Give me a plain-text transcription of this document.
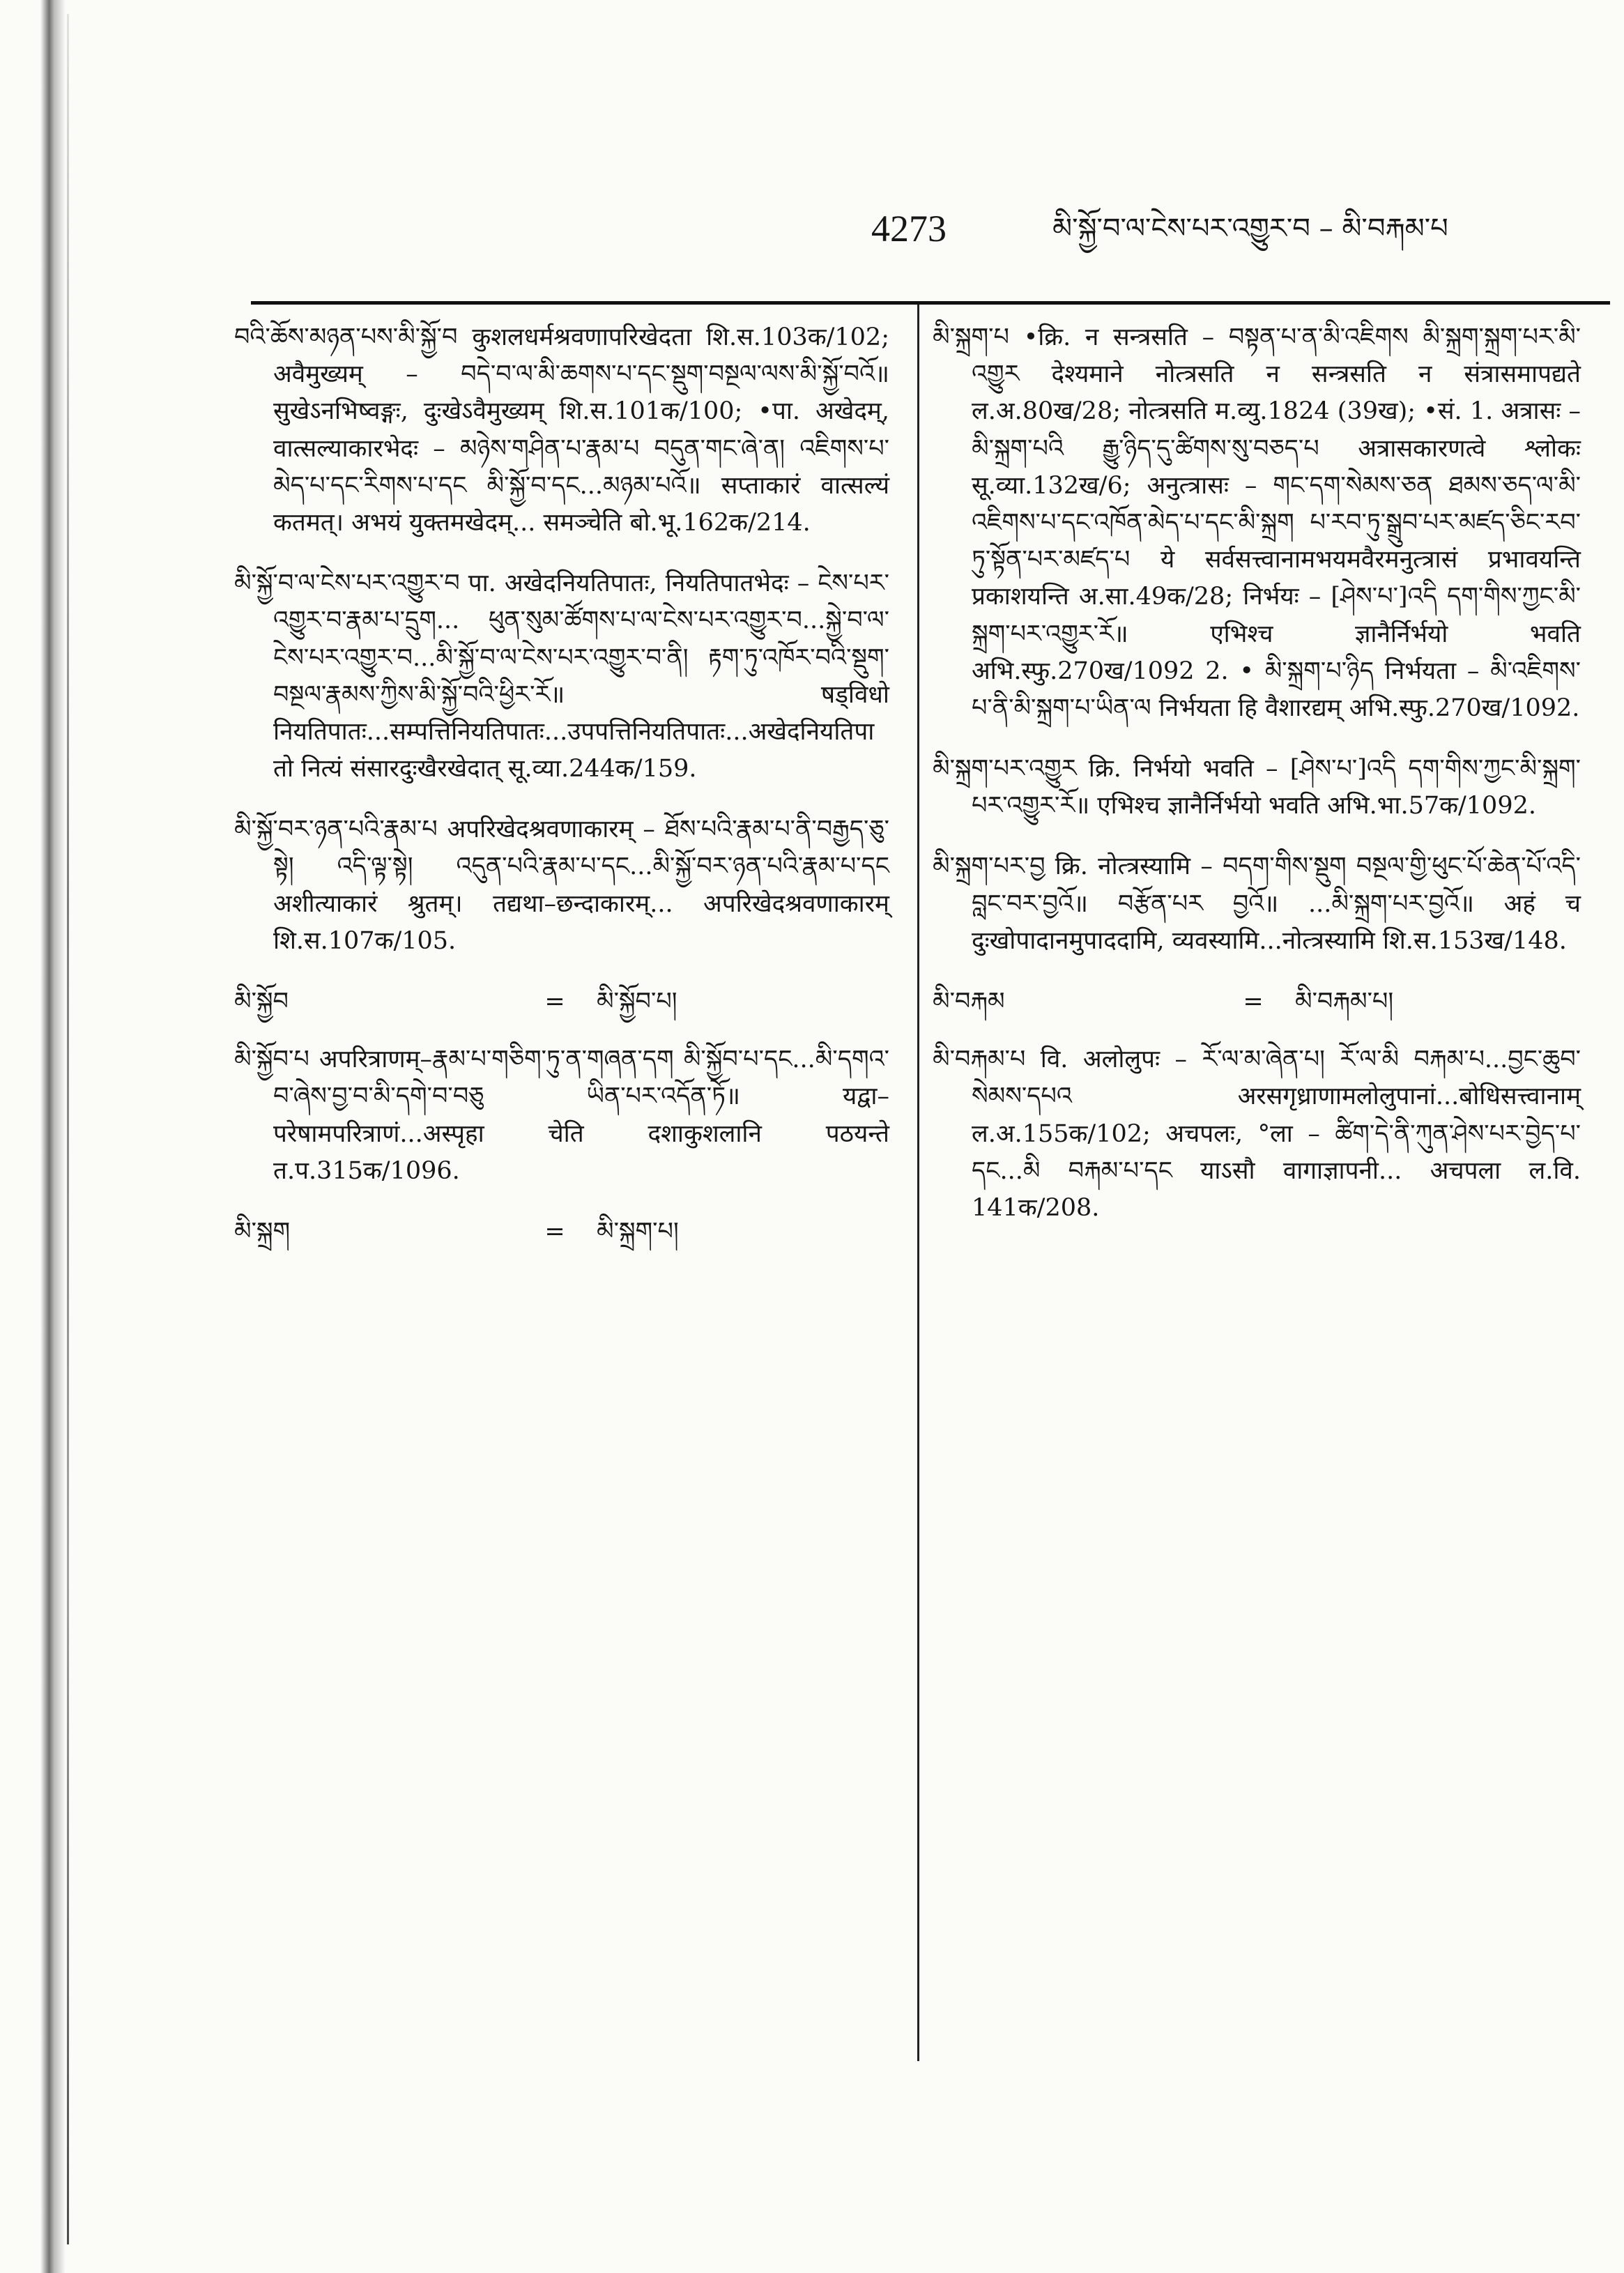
4273	མི་སྐྱོ་བ་ལ་ངེས་པར་འགྱུར་བ – མི་བརྐམ་པ
བའི་ཆོས་མཉན་པས་མི་སྐྱོ་བ कुशलधर्मश्रवणापरिखेदता शि.स.103क/102; अवैमुख्यम् – བདེ་བ་ལ་མི་ཆགས་པ་དང་སྡུག་བསྔལ་ལས་མི་སྐྱོ་བའོ॥ सुखेऽनभिष्वङ्गः, दुःखेऽवैमुख्यम् शि.स.101क/100; •पा. अखेदम्, वात्सल्याकारभेदः – མཉེས་གཤིན་པ་རྣམ་པ བདུན་གང་ཞེ་ན། འཇིགས་པ་མེད་པ་དང་རིགས་པ་དང མི་སྐྱོ་བ་དང...མཉམ་པའོ॥ सप्ताकारं वात्सल्यं कतमत्। अभयं युक्तमखेदम्... समञ्चेति बो.भू.162क/214.
མི་སྐྱོ་བ་ལ་ངེས་པར་འགྱུར་བ पा. अखेदनियतिपातः, नियतिपातभेदः – ངེས་པར་འགྱུར་བ་རྣམ་པ་དྲུག... ཕུན་སུམ་ཚོགས་པ་ལ་ངེས་པར་འགྱུར་བ...སྐྱེ་བ་ལ་ངེས་པར་འགྱུར་བ...མི་སྐྱོ་བ་ལ་ངེས་པར་འགྱུར་བ་ནི། རྟག་ཏུ་འཁོར་བའི་སྡུག་བསྔལ་རྣམས་ཀྱིས་མི་སྐྱོ་བའི་ཕྱིར་རོ॥ षड्विधो नियतिपातः...सम्पत्तिनियतिपातः...उपपत्तिनियतिपातः...अखेदनियतिपातो नित्यं संसारदुःखैरखेदात् सू.व्या.244क/159.
མི་སྐྱོ་བར་ཉན་པའི་རྣམ་པ अपरिखेदश्रवणाकारम् – ཐོས་པའི་རྣམ་པ་ནི་བརྒྱད་ཅུ་སྟེ། འདི་ལྟ་སྟེ། འདུན་པའི་རྣམ་པ་དང...མི་སྐྱོ་བར་ཉན་པའི་རྣམ་པ་དང अशीत्याकारं श्रुतम्। तद्यथा–छन्दाकारम्... अपरिखेदश्रवणाकारम् शि.स.107क/105.
མི་སྐྱོབ	=	མི་སྐྱོབ་པ།
མི་སྐྱོབ་པ अपरित्राणम्–རྣམ་པ་གཅིག་ཏུ་ན་གཞན་དག མི་སྐྱོབ་པ་དང...མི་དགའ་བ་ཞེས་བྱ་བ་མི་དགེ་བ་བཅུ ཡིན་པར་འདོན་ཏོ॥ यद्वा–परेषामपरित्राणं...अस्पृहा चेति दशाकुशलानि पठयन्ते त.प.315क/1096.
མི་སྐྲག	=	མི་སྐྲག་པ།
མི་སྐྲག་པ •क्रि. न सन्त्रसति – བསྟན་པ་ན་མི་འཇིགས མི་སྐྲག་སྐྲག་པར་མི་འགྱུར देश्यमाने नोत्त्रसति न सन्त्रसति न संत्रासमापद्यते ल.अ.80ख/28; नोत्त्रसति म.व्यु.1824 (39ख); •सं. 1. अत्रासः – མི་སྐྲག་པའི རྒྱུ་ཉིད་དུ་ཚིགས་སུ་བཅད་པ अत्रासकारणत्वे श्लोकः सू.व्या.132ख/6; अनुत्त्रासः – གང་དག་སེམས་ཅན ཐམས་ཅད་ལ་མི་འཇིགས་པ་དང་འཁོན་མེད་པ་དང་མི་སྐྲག པ་རབ་ཏུ་སྒྲུབ་པར་མཛད་ཅིང་རབ་ཏུ་སྟོན་པར་མཛད་པ ये सर्वसत्त्वानामभयमवैरमनुत्त्रासं प्रभावयन्ति प्रकाशयन्ति अ.सा.49क/28; निर्भयः – [ཤེས་པ་]འདི དག་གིས་ཀྱང་མི་སྐྲག་པར་འགྱུར་རོ॥ एभिश्च ज्ञानैर्निर्भयो भवति अभि.स्फु.270ख/1092 2. • མི་སྐྲག་པ་ཉིད निर्भयता – མི་འཇིགས་པ་ནི་མི་སྐྲག་པ་ཡིན་ལ निर्भयता हि वैशारद्यम् अभि.स्फु.270ख/1092.
མི་སྐྲག་པར་འགྱུར क्रि. निर्भयो भवति – [ཤེས་པ་]འདི དག་གིས་ཀྱང་མི་སྐྲག་པར་འགྱུར་རོ॥ एभिश्च ज्ञानैर्निर्भयो भवति अभि.भा.57क/1092.
མི་སྐྲག་པར་བྱ क्रि. नोत्त्रस्यामि – བདག་གིས་སྡུག བསྔལ་གྱི་ཕུང་པོ་ཆེན་པོ་འདི་བླང་བར་བྱའོ॥ བརྩོན་པར བྱའོ॥ ...མི་སྐྲག་པར་བྱའོ॥ अहं च दुःखोपादानमुपाददामि, व्यवस्यामि...नोत्त्रस्यामि शि.स.153ख/148.
མི་བརྐམ	=	མི་བརྐམ་པ།
མི་བརྐམ་པ वि. अलोलुपः – རོ་ལ་མ་ཞེན་པ། རོ་ལ་མི བརྐམ་པ...བྱང་ཆུབ་སེམས་དཔའ अरसगृध्राणामलोलुपानां...बोधिसत्त्वानाम् ल.अ.155क/102; अचपलः, °ला – ཚིག་དེ་ནི་ཀུན་ཤེས་པར་བྱེད་པ་དང...མི བརྐམ་པ་དང याऽसौ वागाज्ञापनी... अचपला ल.वि. 141क/208.
